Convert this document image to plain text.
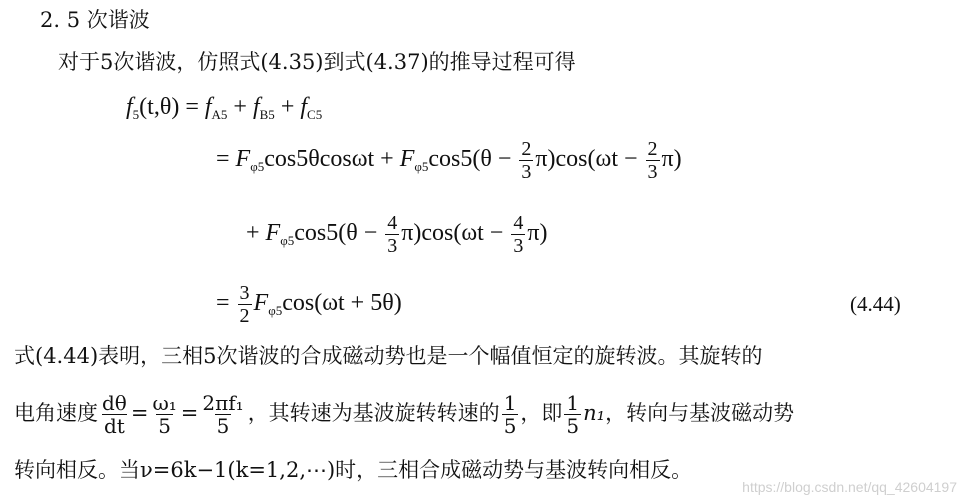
2. 5 次谐波
对于5次谐波，仿照式(4.35)到式(4.37)的推导过程可得
$f_5(t,\theta) = f_{A5} + f_{B5} + f_{C5}$
= $F_{\varphi 5}\cos 5\theta\cos\omega t + F_{\varphi 5}\cos 5(\theta - \frac{2}{3} \pi)\cos(\omega t - \frac{2}{3} \pi)$
+ $F_{\varphi 5}\cos 5(\theta - \frac{4}{3} \pi)\cos(\omega t - \frac{4}{3} \pi)$
= $\frac{3}{2} F_{\varphi 5}\cos(\omega t + 5\theta)$	(4.44)
式(4.44)表明，三相5次谐波的合成磁动势也是一个幅值恒定的旋转波。其旋转的
电角速度 $\frac{d\theta}{dt} = \frac{\text{ω₁}}{5} = \frac{\text{2πf₁}}{5}$ ，其转速为基波旋转转速的 $\frac{1}{5}$ ，即 $\frac{1}{5} n_1$，转向与基波磁动势
转向相反。当ν=6k−1(k=1,2,⋯)时，三相合成磁动势与基波转向相反。
https://blog.csdn.net/qq_42604197
